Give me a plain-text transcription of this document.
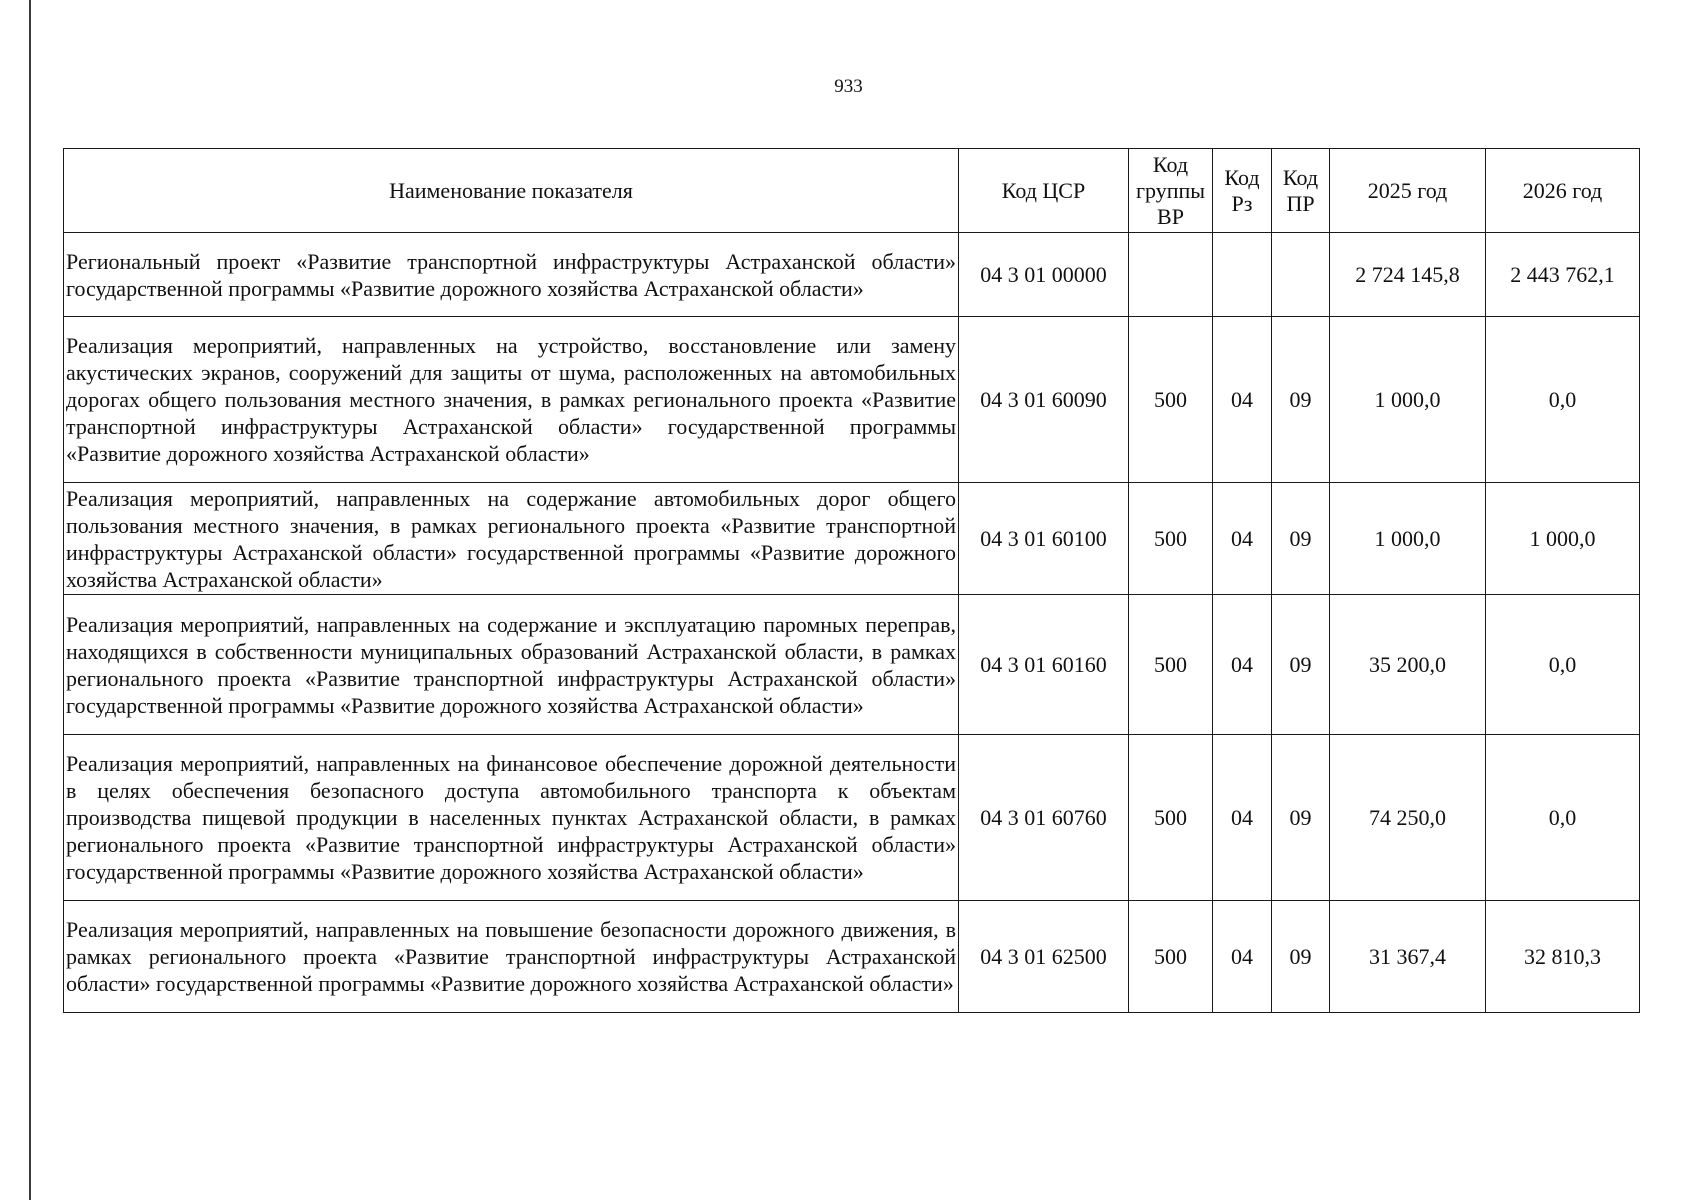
933
Наименование показателя	Код ЦСР	Код группы ВР	Код Рз	Код ПР	2025 год	2026 год
Региональный проект «Развитие транспортной инфраструктуры Астраханской области» государственной программы «Развитие дорожного хозяйства Астраханской области»	04 3 01 00000				2 724 145,8	2 443 762,1
Реализация мероприятий, направленных на устройство, восстановление или замену акустических экранов, сооружений для защиты от шума, расположенных на автомобильных дорогах общего пользования местного значения, в рамках регионального проекта «Развитие транспортной инфраструктуры Астраханской области» государственной программы «Развитие дорожного хозяйства Астраханской области»	04 3 01 60090	500	04	09	1 000,0	0,0
Реализация мероприятий, направленных на содержание автомобильных дорог общего пользования местного значения, в рамках регионального проекта «Развитие транспортной инфраструктуры Астраханской области» государственной программы «Развитие дорожного хозяйства Астраханской области»	04 3 01 60100	500	04	09	1 000,0	1 000,0
Реализация мероприятий, направленных на содержание и эксплуатацию паромных переправ, находящихся в собственности муниципальных образований Астраханской области, в рамках регионального проекта «Развитие транспортной инфраструктуры Астраханской области» государственной программы «Развитие дорожного хозяйства Астраханской области»	04 3 01 60160	500	04	09	35 200,0	0,0
Реализация мероприятий, направленных на финансовое обеспечение дорожной деятельности в целях обеспечения безопасного доступа автомобильного транспорта к объектам производства пищевой продукции в населенных пунктах Астраханской области, в рамках регионального проекта «Развитие транспортной инфраструктуры Астраханской области» государственной программы «Развитие дорожного хозяйства Астраханской области»	04 3 01 60760	500	04	09	74 250,0	0,0
Реализация мероприятий, направленных на повышение безопасности дорожного движения, в рамках регионального проекта «Развитие транспортной инфраструктуры Астраханской области» государственной программы «Развитие дорожного хозяйства Астраханской области»	04 3 01 62500	500	04	09	31 367,4	32 810,3
